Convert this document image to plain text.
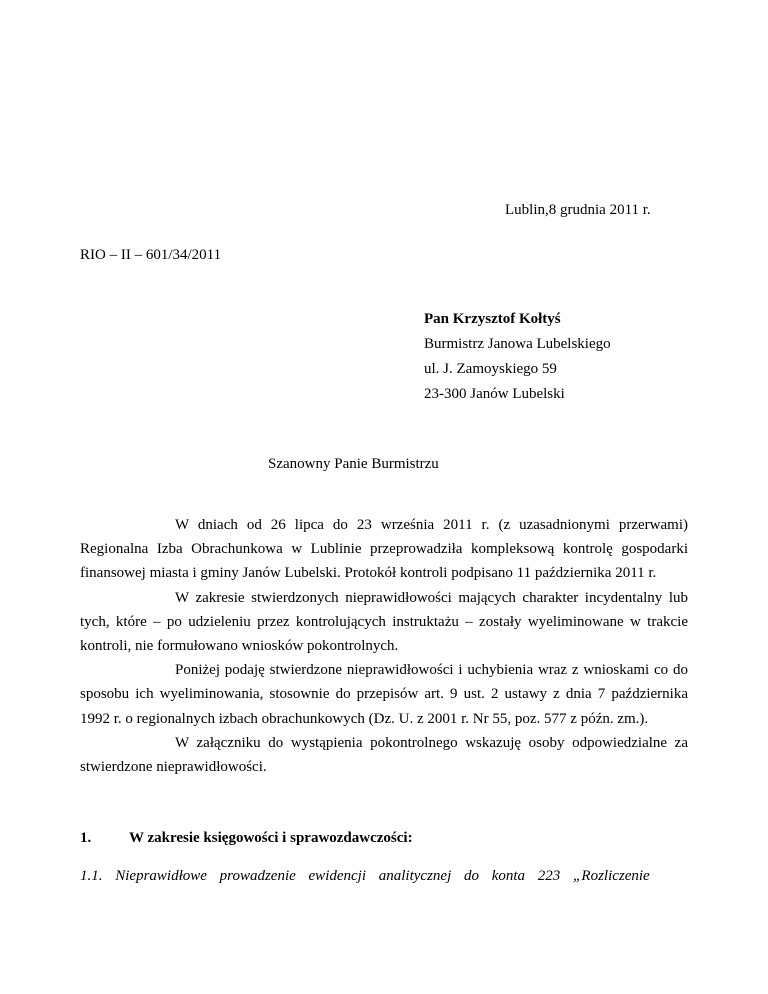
Lublin,8 grudnia 2011 r.
RIO – II – 601/34/2011
Pan Krzysztof Kołtyś
Burmistrz Janowa Lubelskiego
ul. J. Zamoyskiego 59
23-300 Janów Lubelski
Szanowny Panie Burmistrzu

W dniach od 26 lipca do 23 września 2011 r. (z uzasadnionymi przerwami) Regionalna Izba Obrachunkowa w Lublinie przeprowadziła kompleksową kontrolę gospodarki finansowej miasta i gminy Janów Lubelski. Protokół kontroli podpisano 11 października 2011 r.

W zakresie stwierdzonych nieprawidłowości mających charakter incydentalny lub tych, które – po udzieleniu przez kontrolujących instruktażu – zostały wyeliminowane w trakcie kontroli, nie formułowano wniosków pokontrolnych.

Poniżej podaję stwierdzone nieprawidłowości i uchybienia wraz z wnioskami co do sposobu ich wyeliminowania, stosownie do przepisów art. 9 ust. 2 ustawy z dnia 7 października 1992 r. o regionalnych izbach obrachunkowych (Dz. U. z 2001 r. Nr 55, poz. 577 z późn. zm.).

W załączniku do wystąpienia pokontrolnego wskazuję osoby odpowiedzialne za stwierdzone nieprawidłowości.

1.	W zakresie księgowości i sprawozdawczości:
1.1. Nieprawidłowe prowadzenie ewidencji analitycznej do konta 223 „Rozliczenie
